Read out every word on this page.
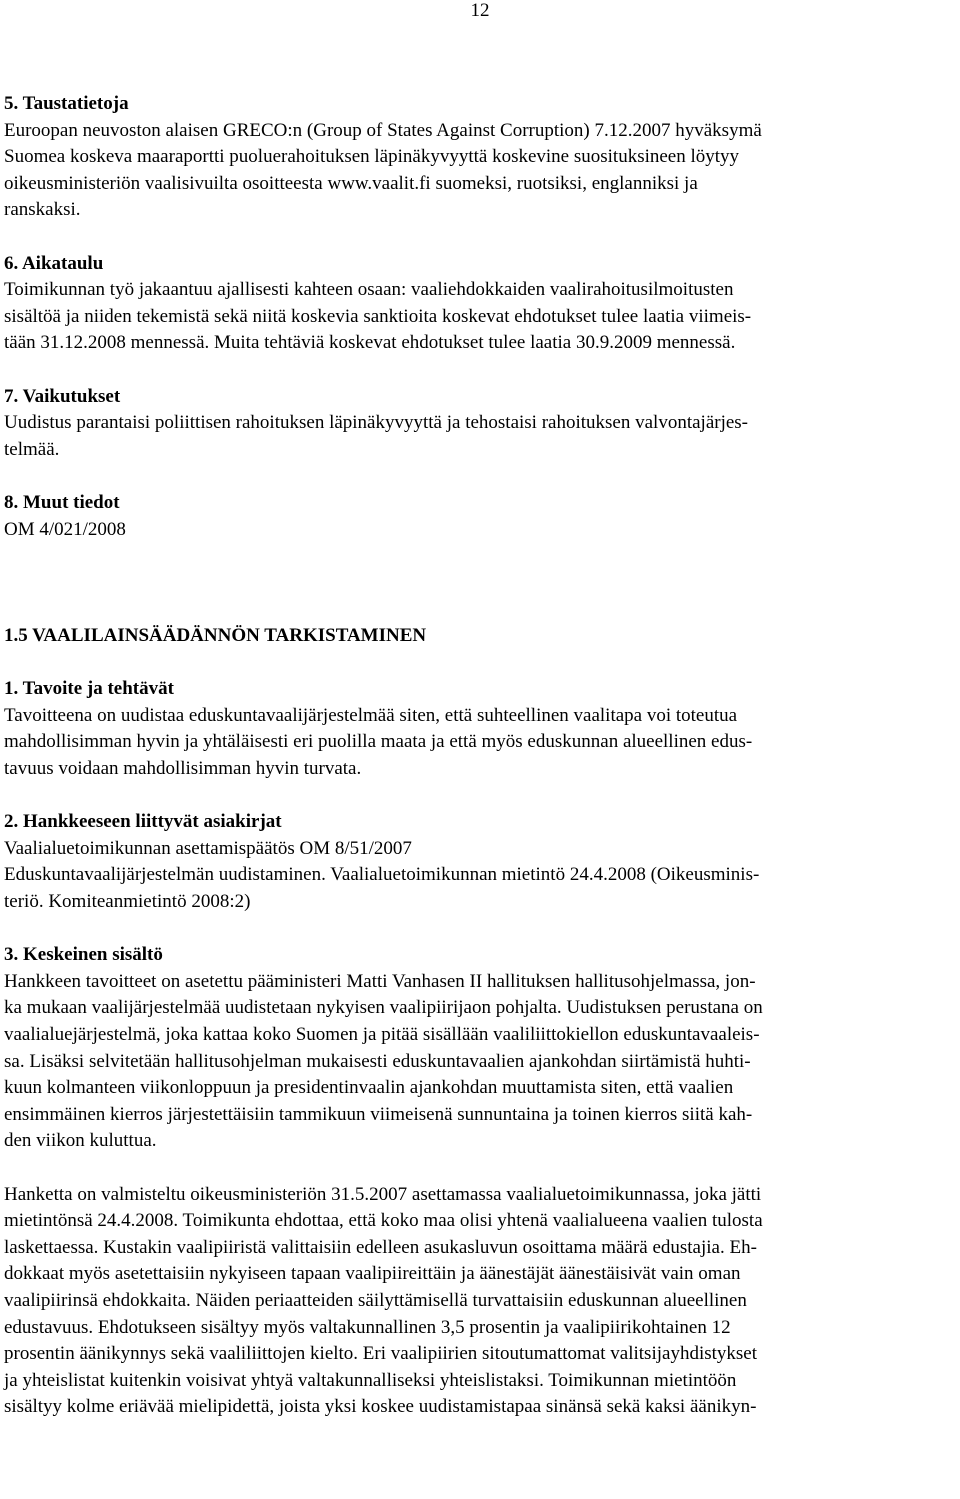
12
5. Taustatietoja
Euroopan neuvoston alaisen GRECO:n (Group of States Against Corruption) 7.12.2007 hyväksymä
Suomea koskeva maaraportti puoluerahoituksen läpinäkyvyyttä koskevine suosituksineen löytyy
oikeusministeriön vaalisivuilta osoitteesta www.vaalit.fi suomeksi, ruotsiksi, englanniksi ja
ranskaksi.
6. Aikataulu
Toimikunnan työ jakaantuu ajallisesti kahteen osaan: vaaliehdokkaiden vaalirahoitusilmoitusten
sisältöä ja niiden tekemistä sekä niitä koskevia sanktioita koskevat ehdotukset tulee laatia viimeis-
tään 31.12.2008 mennessä. Muita tehtäviä koskevat ehdotukset tulee laatia 30.9.2009 mennessä.
7. Vaikutukset
Uudistus parantaisi poliittisen rahoituksen läpinäkyvyyttä ja tehostaisi rahoituksen valvontajärjes-
telmää.
8. Muut tiedot
OM 4/021/2008
1.5 VAALILAINSÄÄDÄNNÖN TARKISTAMINEN
1. Tavoite ja tehtävät
Tavoitteena on uudistaa eduskuntavaalijärjestelmää siten, että suhteellinen vaalitapa voi toteutua
mahdollisimman hyvin ja yhtäläisesti eri puolilla maata ja että myös eduskunnan alueellinen edus-
tavuus voidaan mahdollisimman hyvin turvata.
2. Hankkeeseen liittyvät asiakirjat
Vaalialuetoimikunnan asettamispäätös OM 8/51/2007
Eduskuntavaalijärjestelmän uudistaminen. Vaalialuetoimikunnan mietintö 24.4.2008 (Oikeusminis-
teriö. Komiteanmietintö 2008:2)
3. Keskeinen sisältö
Hankkeen tavoitteet on asetettu pääministeri Matti Vanhasen II hallituksen hallitusohjelmassa, jon-
ka mukaan vaalijärjestelmää uudistetaan nykyisen vaalipiirijaon pohjalta. Uudistuksen perustana on
vaalialuejärjestelmä, joka kattaa koko Suomen ja pitää sisällään vaaliliittokiellon eduskuntavaaleis-
sa. Lisäksi selvitetään hallitusohjelman mukaisesti eduskuntavaalien ajankohdan siirtämistä huhti-
kuun kolmanteen viikonloppuun ja presidentinvaalin ajankohdan muuttamista siten, että vaalien
ensimmäinen kierros järjestettäisiin tammikuun viimeisenä sunnuntaina ja toinen kierros siitä kah-
den viikon kuluttua.
Hanketta on valmisteltu oikeusministeriön 31.5.2007 asettamassa vaalialuetoimikunnassa, joka jätti
mietintönsä 24.4.2008. Toimikunta ehdottaa, että koko maa olisi yhtenä vaalialueena vaalien tulosta
laskettaessa. Kustakin vaalipiiristä valittaisiin edelleen asukasluvun osoittama määrä edustajia. Eh-
dokkaat myös asetettaisiin nykyiseen tapaan vaalipiireittäin ja äänestäjät äänestäisivät vain oman
vaalipiirinsä ehdokkaita. Näiden periaatteiden säilyttämisellä turvattaisiin eduskunnan alueellinen
edustavuus. Ehdotukseen sisältyy myös valtakunnallinen 3,5 prosentin ja vaalipiirikohtainen 12
prosentin äänikynnys sekä vaaliliittojen kielto. Eri vaalipiirien sitoutumattomat valitsijayhdistykset
ja yhteislistat kuitenkin voisivat yhtyä valtakunnalliseksi yhteislistaksi. Toimikunnan mietintöön
sisältyy kolme eriävää mielipidettä, joista yksi koskee uudistamistapaa sinänsä sekä kaksi äänikyn-
